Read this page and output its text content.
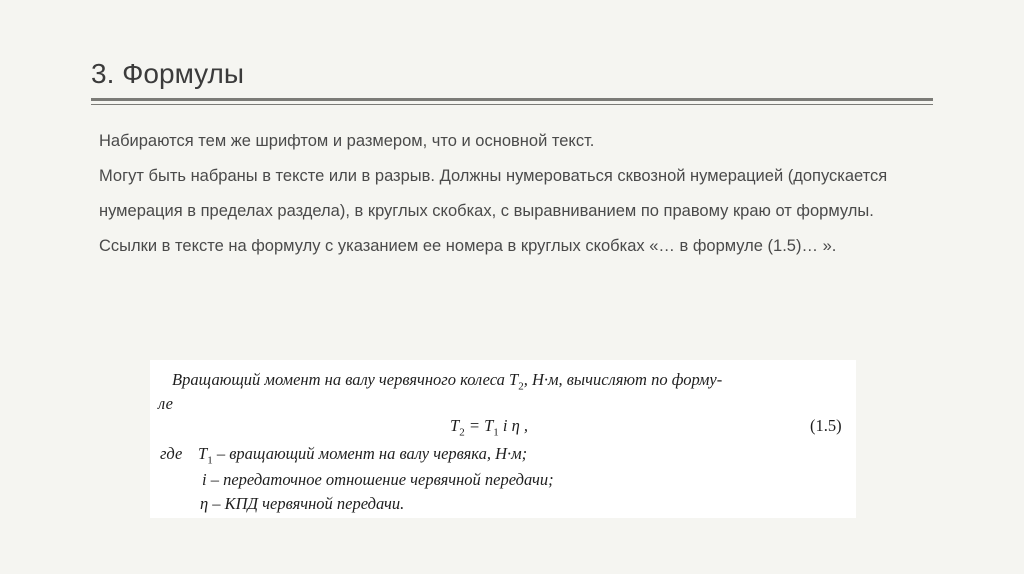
3. Формулы

Набираются тем же шрифтом и размером, что и основной текст.

Могут быть набраны в тексте или в разрыв. Должны нумероваться сквозной нумерацией (допускается нумерация в пределах раздела), в круглых скобках, с выравниванием по правому краю от формулы.

Ссылки в тексте на формулу с указанием ее номера в круглых скобках «… в формуле (1.5)… ».

Вращающий момент на валу червячного колеса $T_2$, Н·м, вычисляют по форму-
ле
$T_2 = T_1$ i η ,	(1.5)
где $T_1$ – вращающий момент на валу червяка, Н·м;
i – передаточное отношение червячной передачи;
η – КПД червячной передачи.
